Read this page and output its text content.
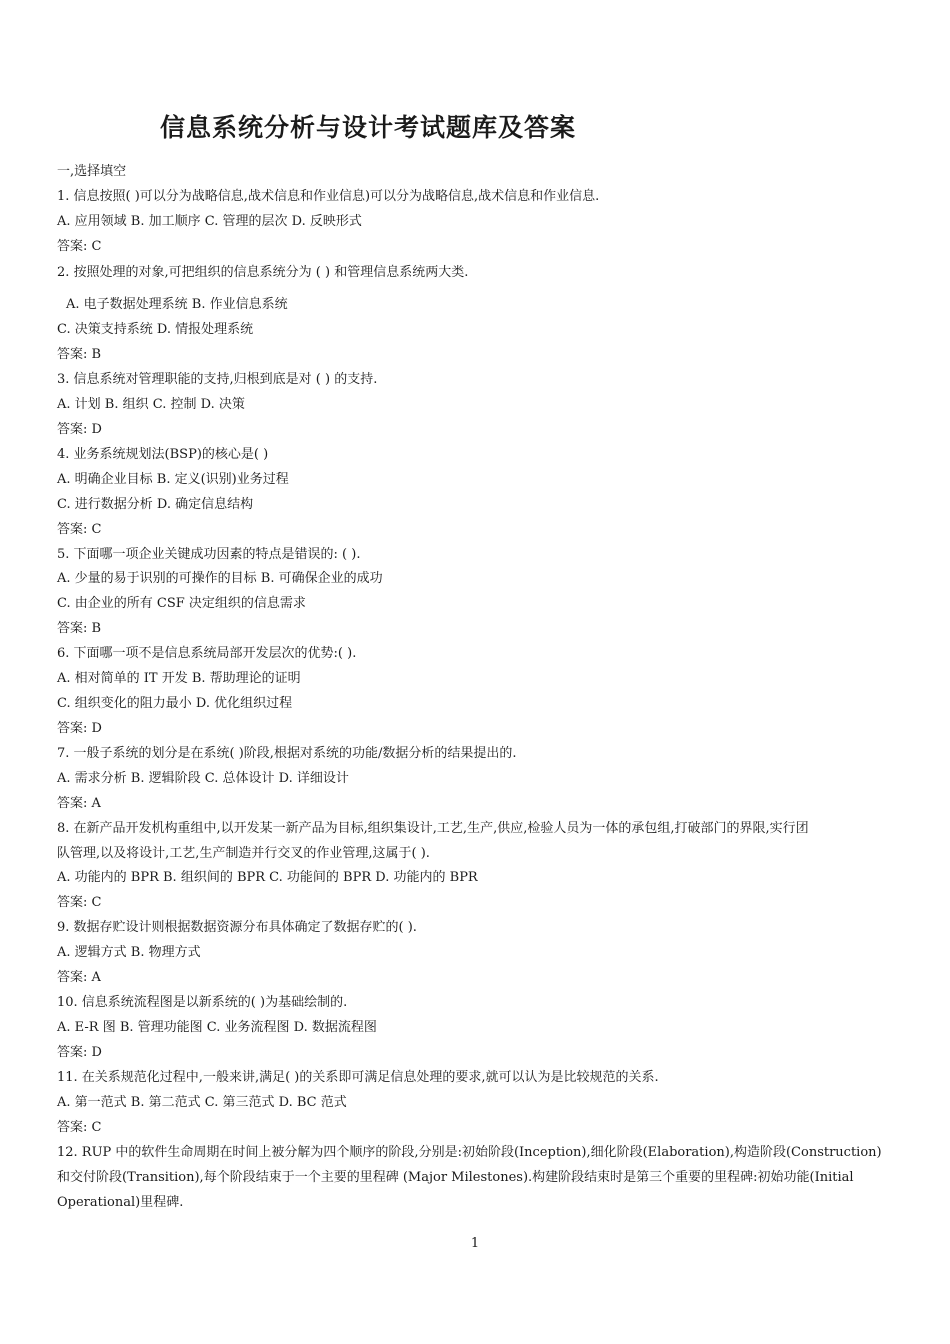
信息系统分析与设计考试题库及答案
一,选择填空
1. 信息按照( )可以分为战略信息,战术信息和作业信息)可以分为战略信息,战术信息和作业信息.
A. 应用领域 B. 加工顺序 C. 管理的层次 D. 反映形式
答案: C
2. 按照处理的对象,可把组织的信息系统分为 ( ) 和管理信息系统两大类.
A. 电子数据处理系统 B. 作业信息系统
C. 决策支持系统 D. 情报处理系统
答案: B
3. 信息系统对管理职能的支持,归根到底是对 ( ) 的支持.
A. 计划 B. 组织 C. 控制 D. 决策
答案: D
4. 业务系统规划法(BSP)的核心是( )
A. 明确企业目标 B. 定义(识别)业务过程
C. 进行数据分析 D. 确定信息结构
答案: C
5. 下面哪一项企业关键成功因素的特点是错误的: ( ).
A. 少量的易于识别的可操作的目标 B. 可确保企业的成功
C. 由企业的所有 CSF 决定组织的信息需求
答案: B
6. 下面哪一项不是信息系统局部开发层次的优势:( ).
A. 相对简单的 IT 开发 B. 帮助理论的证明
C. 组织变化的阻力最小 D. 优化组织过程
答案: D
7. 一般子系统的划分是在系统( )阶段,根据对系统的功能/数据分析的结果提出的.
A. 需求分析 B. 逻辑阶段 C. 总体设计 D. 详细设计
答案: A
8. 在新产品开发机构重组中,以开发某一新产品为目标,组织集设计,工艺,生产,供应,检验人员为一体的承包组,打破部门的界限,实行团
队管理,以及将设计,工艺,生产制造并行交叉的作业管理,这属于( ).
A. 功能内的 BPR B. 组织间的 BPR C. 功能间的 BPR D. 功能内的 BPR
答案: C
9. 数据存贮设计则根据数据资源分布具体确定了数据存贮的( ).
A. 逻辑方式 B. 物理方式
答案: A
10. 信息系统流程图是以新系统的( )为基础绘制的.
A. E-R 图 B. 管理功能图 C. 业务流程图 D. 数据流程图
答案: D
11. 在关系规范化过程中,一般来讲,满足( )的关系即可满足信息处理的要求,就可以认为是比较规范的关系.
A. 第一范式 B. 第二范式 C. 第三范式 D. BC 范式
答案: C
12. RUP 中的软件生命周期在时间上被分解为四个顺序的阶段,分别是:初始阶段(Inception),细化阶段(Elaboration),构造阶段(Construction)
和交付阶段(Transition),每个阶段结束于一个主要的里程碑 (Major Milestones).构建阶段结束时是第三个重要的里程碑:初始功能(Initial
Operational)里程碑.
1
